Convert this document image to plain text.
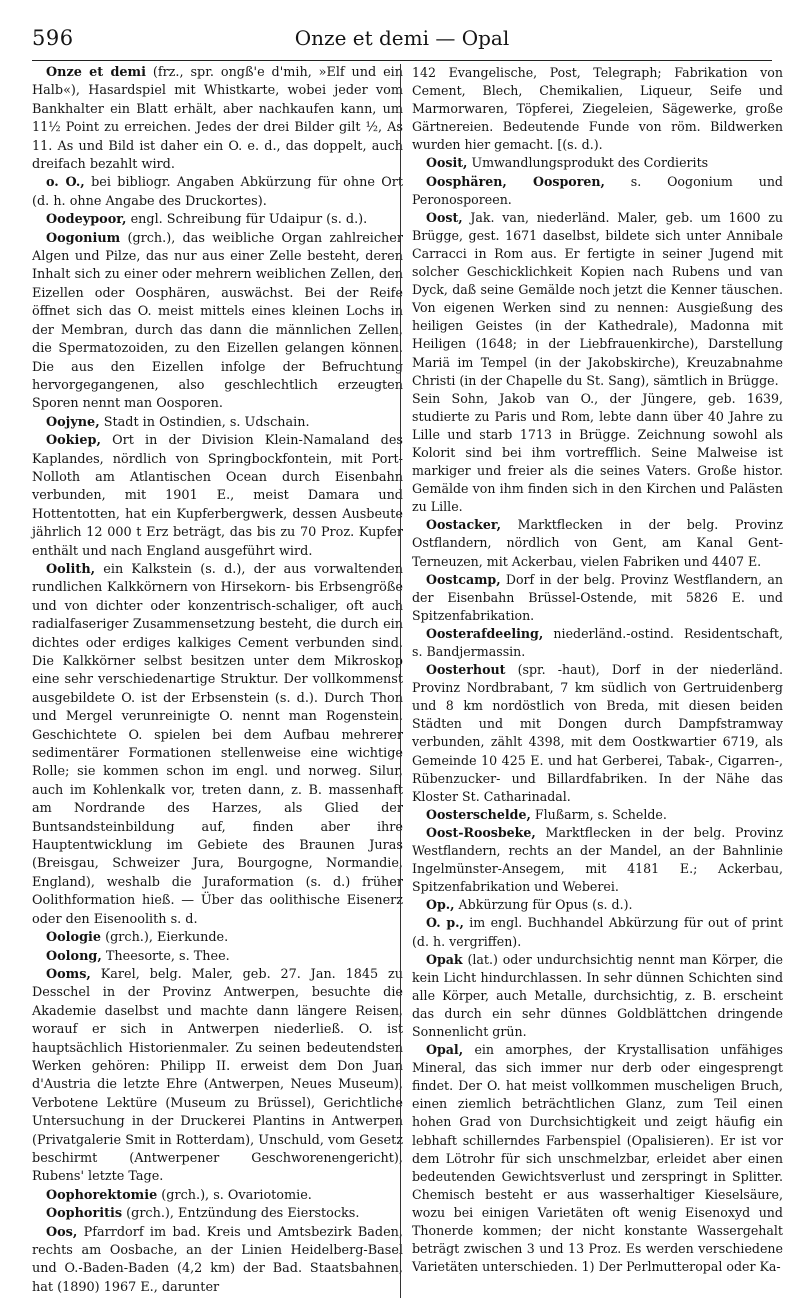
596	Onze et demi — Opal

Onze et demi (frz., spr. ongß'e d'mih, »Elf und ein Halb«), Hasardspiel mit Whistkarte, wobei jeder vom Bankhalter ein Blatt erhält, aber nachkaufen kann, um 11½ Point zu erreichen. Jedes der drei Bilder gilt ½, As 11. As und Bild ist daher ein O. e. d., das doppelt, auch dreifach bezahlt wird.

o. O., bei bibliogr. Angaben Abkürzung für ohne Ort (d. h. ohne Angabe des Druckortes).

Oodeypoor, engl. Schreibung für Udaipur (s. d.).

Oogonium (grch.), das weibliche Organ zahlreicher Algen und Pilze, das nur aus einer Zelle besteht, deren Inhalt sich zu einer oder mehrern weiblichen Zellen, den Eizellen oder Oosphären, auswächst. Bei der Reife öffnet sich das O. meist mittels eines kleinen Lochs in der Membran, durch das dann die männlichen Zellen, die Spermatozoiden, zu den Eizellen gelangen können. Die aus den Eizellen infolge der Befruchtung hervorgegangenen, also geschlechtlich erzeugten Sporen nennt man Oosporen.

Oojyne, Stadt in Ostindien, s. Udschain.

Ookiep, Ort in der Division Klein-Namaland des Kaplandes, nördlich von Springbockfontein, mit Port-Nolloth am Atlantischen Ocean durch Eisenbahn verbunden, mit 1901 E., meist Damara und Hottentotten, hat ein Kupferbergwerk, dessen Ausbeute jährlich 12 000 t Erz beträgt, das bis zu 70 Proz. Kupfer enthält und nach England ausgeführt wird.

Oolith, ein Kalkstein (s. d.), der aus vorwaltenden rundlichen Kalkkörnern von Hirsekorn- bis Erbsengröße und von dichter oder konzentrisch-schaliger, oft auch radialfaseriger Zusammensetzung besteht, die durch ein dichtes oder erdiges kalkiges Cement verbunden sind. Die Kalkkörner selbst besitzen unter dem Mikroskop eine sehr verschiedenartige Struktur. Der vollkommenst ausgebildete O. ist der Erbsenstein (s. d.). Durch Thon und Mergel verunreinigte O. nennt man Rogenstein. Geschichtete O. spielen bei dem Aufbau mehrerer sedimentärer Formationen stellenweise eine wichtige Rolle; sie kommen schon im engl. und norweg. Silur, auch im Kohlenkalk vor, treten dann, z. B. massenhaft am Nordrande des Harzes, als Glied der Buntsandsteinbildung auf, finden aber ihre Hauptentwicklung im Gebiete des Braunen Juras (Breisgau, Schweizer Jura, Bourgogne, Normandie, England), weshalb die Juraformation (s. d.) früher Oolithformation hieß. — Über das oolithische Eisenerz oder den Eisenoolith s. d.

Oologie (grch.), Eierkunde.

Oolong, Theesorte, s. Thee.

Ooms, Karel, belg. Maler, geb. 27. Jan. 1845 zu Desschel in der Provinz Antwerpen, besuchte die Akademie daselbst und machte dann längere Reisen, worauf er sich in Antwerpen niederließ. O. ist hauptsächlich Historienmaler. Zu seinen bedeutendsten Werken gehören: Philipp II. erweist dem Don Juan d'Austria die letzte Ehre (Antwerpen, Neues Museum), Verbotene Lektüre (Museum zu Brüssel), Gerichtliche Untersuchung in der Druckerei Plantins in Antwerpen (Privatgalerie Smit in Rotterdam), Unschuld, vom Gesetz beschirmt (Antwerpener Geschworenengericht), Rubens' letzte Tage.

Oophorektomie (grch.), s. Ovariotomie.

Oophoritis (grch.), Entzündung des Eierstocks.

Oos, Pfarrdorf im bad. Kreis und Amtsbezirk Baden, rechts am Oosbache, an der Linien Heidelberg-Basel und O.-Baden-Baden (4,2 km) der Bad. Staatsbahnen, hat (1890) 1967 E., darunter

142 Evangelische, Post, Telegraph; Fabrikation von Cement, Blech, Chemikalien, Liqueur, Seife und Marmorwaren, Töpferei, Ziegeleien, Sägewerke, große Gärtnereien. Bedeutende Funde von röm. Bildwerken wurden hier gemacht. [(s. d.).

Oosit, Umwandlungsprodukt des Cordierits

Oosphären, Oosporen, s. Oogonium und Peronosporeen.

Oost, Jak. van, niederländ. Maler, geb. um 1600 zu Brügge, gest. 1671 daselbst, bildete sich unter Annibale Carracci in Rom aus. Er fertigte in seiner Jugend mit solcher Geschicklichkeit Kopien nach Rubens und van Dyck, daß seine Gemälde noch jetzt die Kenner täuschen. Von eigenen Werken sind zu nennen: Ausgießung des heiligen Geistes (in der Kathedrale), Madonna mit Heiligen (1648; in der Liebfrauenkirche), Darstellung Mariä im Tempel (in der Jakobskirche), Kreuzabnahme Christi (in der Chapelle du St. Sang), sämtlich in Brügge.

Sein Sohn, Jakob van O., der Jüngere, geb. 1639, studierte zu Paris und Rom, lebte dann über 40 Jahre zu Lille und starb 1713 in Brügge. Zeichnung sowohl als Kolorit sind bei ihm vortrefflich. Seine Malweise ist markiger und freier als die seines Vaters. Große histor. Gemälde von ihm finden sich in den Kirchen und Palästen zu Lille.

Oostacker, Marktflecken in der belg. Provinz Ostflandern, nördlich von Gent, am Kanal Gent-Terneuzen, mit Ackerbau, vielen Fabriken und 4407 E.

Oostcamp, Dorf in der belg. Provinz Westflandern, an der Eisenbahn Brüssel-Ostende, mit 5826 E. und Spitzenfabrikation.

Oosterafdeeling, niederländ.-ostind. Residentschaft, s. Bandjermassin.

Oosterhout (spr. -haut), Dorf in der niederländ. Provinz Nordbrabant, 7 km südlich von Gertruidenberg und 8 km nordöstlich von Breda, mit diesen beiden Städten und mit Dongen durch Dampfstramway verbunden, zählt 4398, mit dem Oostkwartier 6719, als Gemeinde 10 425 E. und hat Gerberei, Tabak-, Cigarren-, Rübenzucker- und Billardfabriken. In der Nähe das Kloster St. Catharinadal.

Oosterschelde, Flußarm, s. Schelde.

Oost-Roosbeke, Marktflecken in der belg. Provinz Westflandern, rechts an der Mandel, an der Bahnlinie Ingelmünster-Ansegem, mit 4181 E.; Ackerbau, Spitzenfabrikation und Weberei.

Op., Abkürzung für Opus (s. d.).

O. p., im engl. Buchhandel Abkürzung für out of print (d. h. vergriffen).

Opak (lat.) oder undurchsichtig nennt man Körper, die kein Licht hindurchlassen. In sehr dünnen Schichten sind alle Körper, auch Metalle, durchsichtig, z. B. erscheint das durch ein sehr dünnes Goldblättchen dringende Sonnenlicht grün.

Opal, ein amorphes, der Krystallisation unfähiges Mineral, das sich immer nur derb oder eingesprengt findet. Der O. hat meist vollkommen muscheligen Bruch, einen ziemlich beträchtlichen Glanz, zum Teil einen hohen Grad von Durchsichtigkeit und zeigt häufig ein lebhaft schillerndes Farbenspiel (Opalisieren). Er ist vor dem Lötrohr für sich unschmelzbar, erleidet aber einen bedeutenden Gewichtsverlust und zerspringt in Splitter. Chemisch besteht er aus wasserhaltiger Kieselsäure, wozu bei einigen Varietäten oft wenig Eisenoxyd und Thonerde kommen; der nicht konstante Wassergehalt beträgt zwischen 3 und 13 Proz. Es werden verschiedene Varietäten unterschieden. 1) Der Perlmutteropal oder Ka-
